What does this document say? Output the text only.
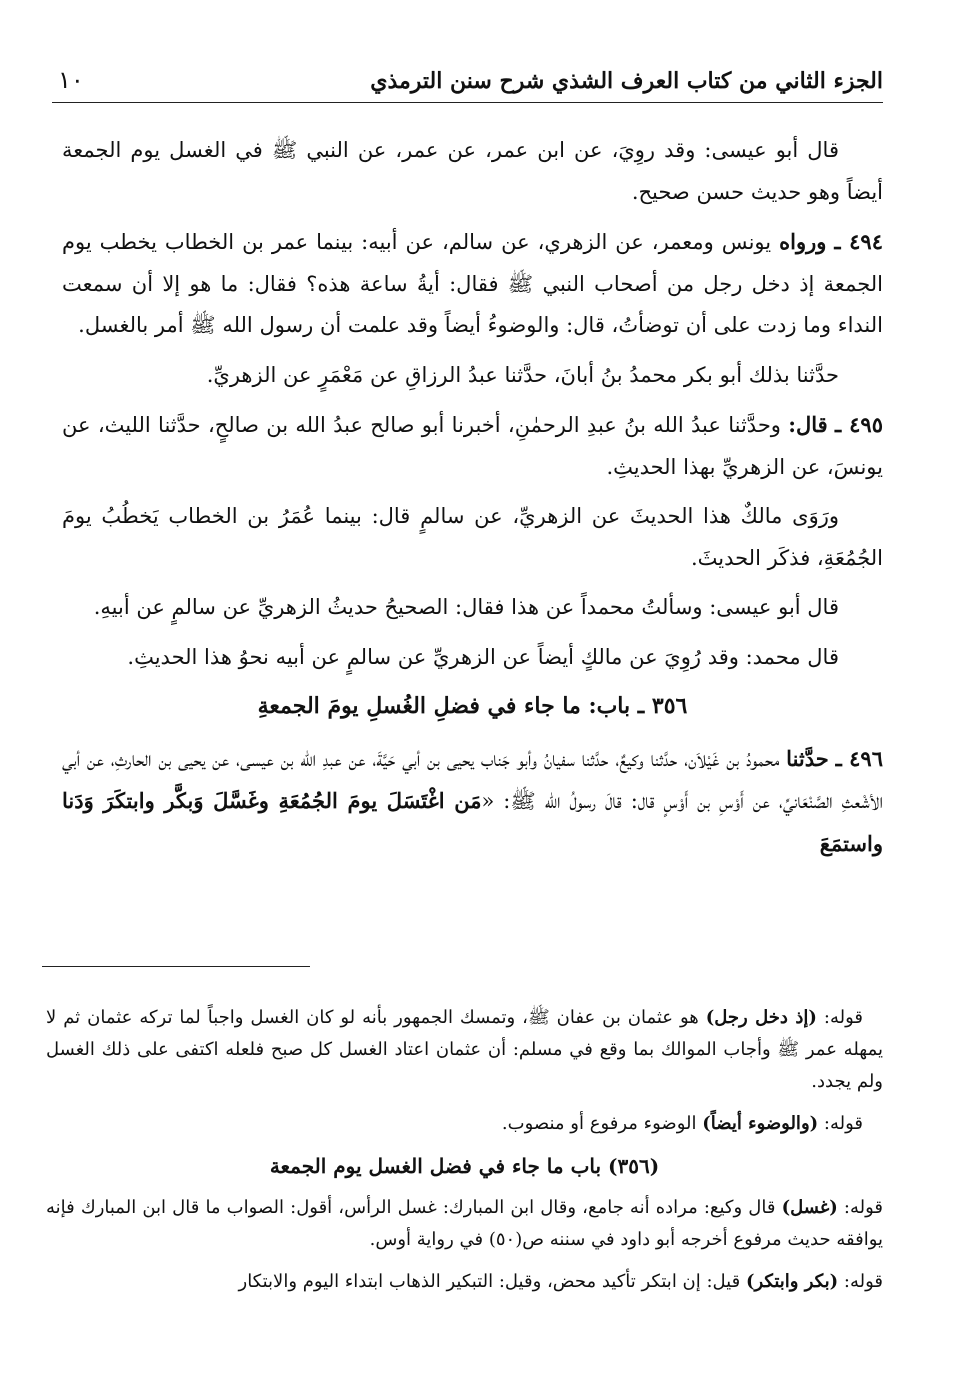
الجزء الثاني من كتاب العرف الشذي شرح سنن الترمذي
١٠

قال أبو عيسى: وقد روِيَ، عن ابن عمر، عن عمر، عن النبي ﷺ في الغسل يوم الجمعة أيضاً وهو حديث حسن صحيح.

٤٩٤ ـ ورواه يونس ومعمر، عن الزهري، عن سالم، عن أبيه: بينما عمر بن الخطاب يخطب يوم الجمعة إذ دخل رجل من أصحاب النبي ﷺ فقال: أيةُ ساعة هذه؟ فقال: ما هو إلا أن سمعت النداء وما زدت على أن توضأتُ، قال: والوضوءُ أيضاً وقد علمت أن رسول الله ﷺ أمر بالغسل.

حدَّثنا بذلك أبو بكر محمدُ بنُ أبانَ، حدَّثنا عبدُ الرزاقِ عن مَعْمَرٍ عن الزهريِّ.

٤٩٥ ـ قال: وحدَّثنا عبدُ الله بنُ عبدِ الرحمٰنِ، أخبرنا أبو صالح عبدُ الله بن صالحٍ، حدَّثنا الليث، عن يونسَ، عن الزهريِّ بهذا الحديثِ.

ورَوَى مالكٌ هذا الحديثَ عن الزهريِّ، عن سالمٍ قال: بينما عُمَرُ بن الخطاب يَخطُبُ يومَ الجُمُعَةِ، فذكَر الحديثَ.

قال أبو عيسى: وسألتُ محمداً عن هذا فقال: الصحيحُ حديثُ الزهريِّ عن سالمٍ عن أبيهِ.

قال محمد: وقد رُوِيَ عن مالكٍ أيضاً عن الزهريِّ عن سالمٍ عن أبيه نحوُ هذا الحديثِ.

٣٥٦ ـ باب: ما جاء في فضلِ الغُسلِ يومَ الجمعةِ

٤٩٦ ـ حدَّثنا محمودُ بن غَيْلاَن، حدَّثنا وكيعٌ، حدَّثنا سفيانُ وأبو جَناب يحيى بن أبي حَيَّةَ، عن عبدِ الله بن عيسى، عن يحيى بن الحارثِ، عن أبي الأشْعثِ الصَّنْعَانيِّ، عن أَوْسِ بن أَوْسٍ قال: قالَ رسولُ الله ﷺ: «مَن اغْتَسَلَ يومَ الجُمُعَةِ وغَسَّلَ وَبكَّر وابتكَرَ وَدَنا واستمَعَ

قوله: (إذ دخل رجل) هو عثمان بن عفان ﷺ، وتمسك الجمهور بأنه لو كان الغسل واجباً لما تركه عثمان ثم لا يمهله عمر ﷺ وأجاب الموالك بما وقع في مسلم: أن عثمان اعتاد الغسل كل صبح فلعله اكتفى على ذلك الغسل ولم يجدد.

قوله: (والوضوء أيضاً) الوضوء مرفوع أو منصوب.

(٣٥٦) باب ما جاء في فضل الغسل يوم الجمعة

قوله: (غسل) قال وكيع: مراده أنه جامع، وقال ابن المبارك: غسل الرأس، أقول: الصواب ما قال ابن المبارك فإنه يوافقه حديث مرفوع أخرجه أبو داود في سننه ص(٥٠) في رواية أوس.

قوله: (بكر وابتكر) قيل: إن ابتكر تأكيد محض، وقيل: التبكير الذهاب ابتداء اليوم والابتكار
